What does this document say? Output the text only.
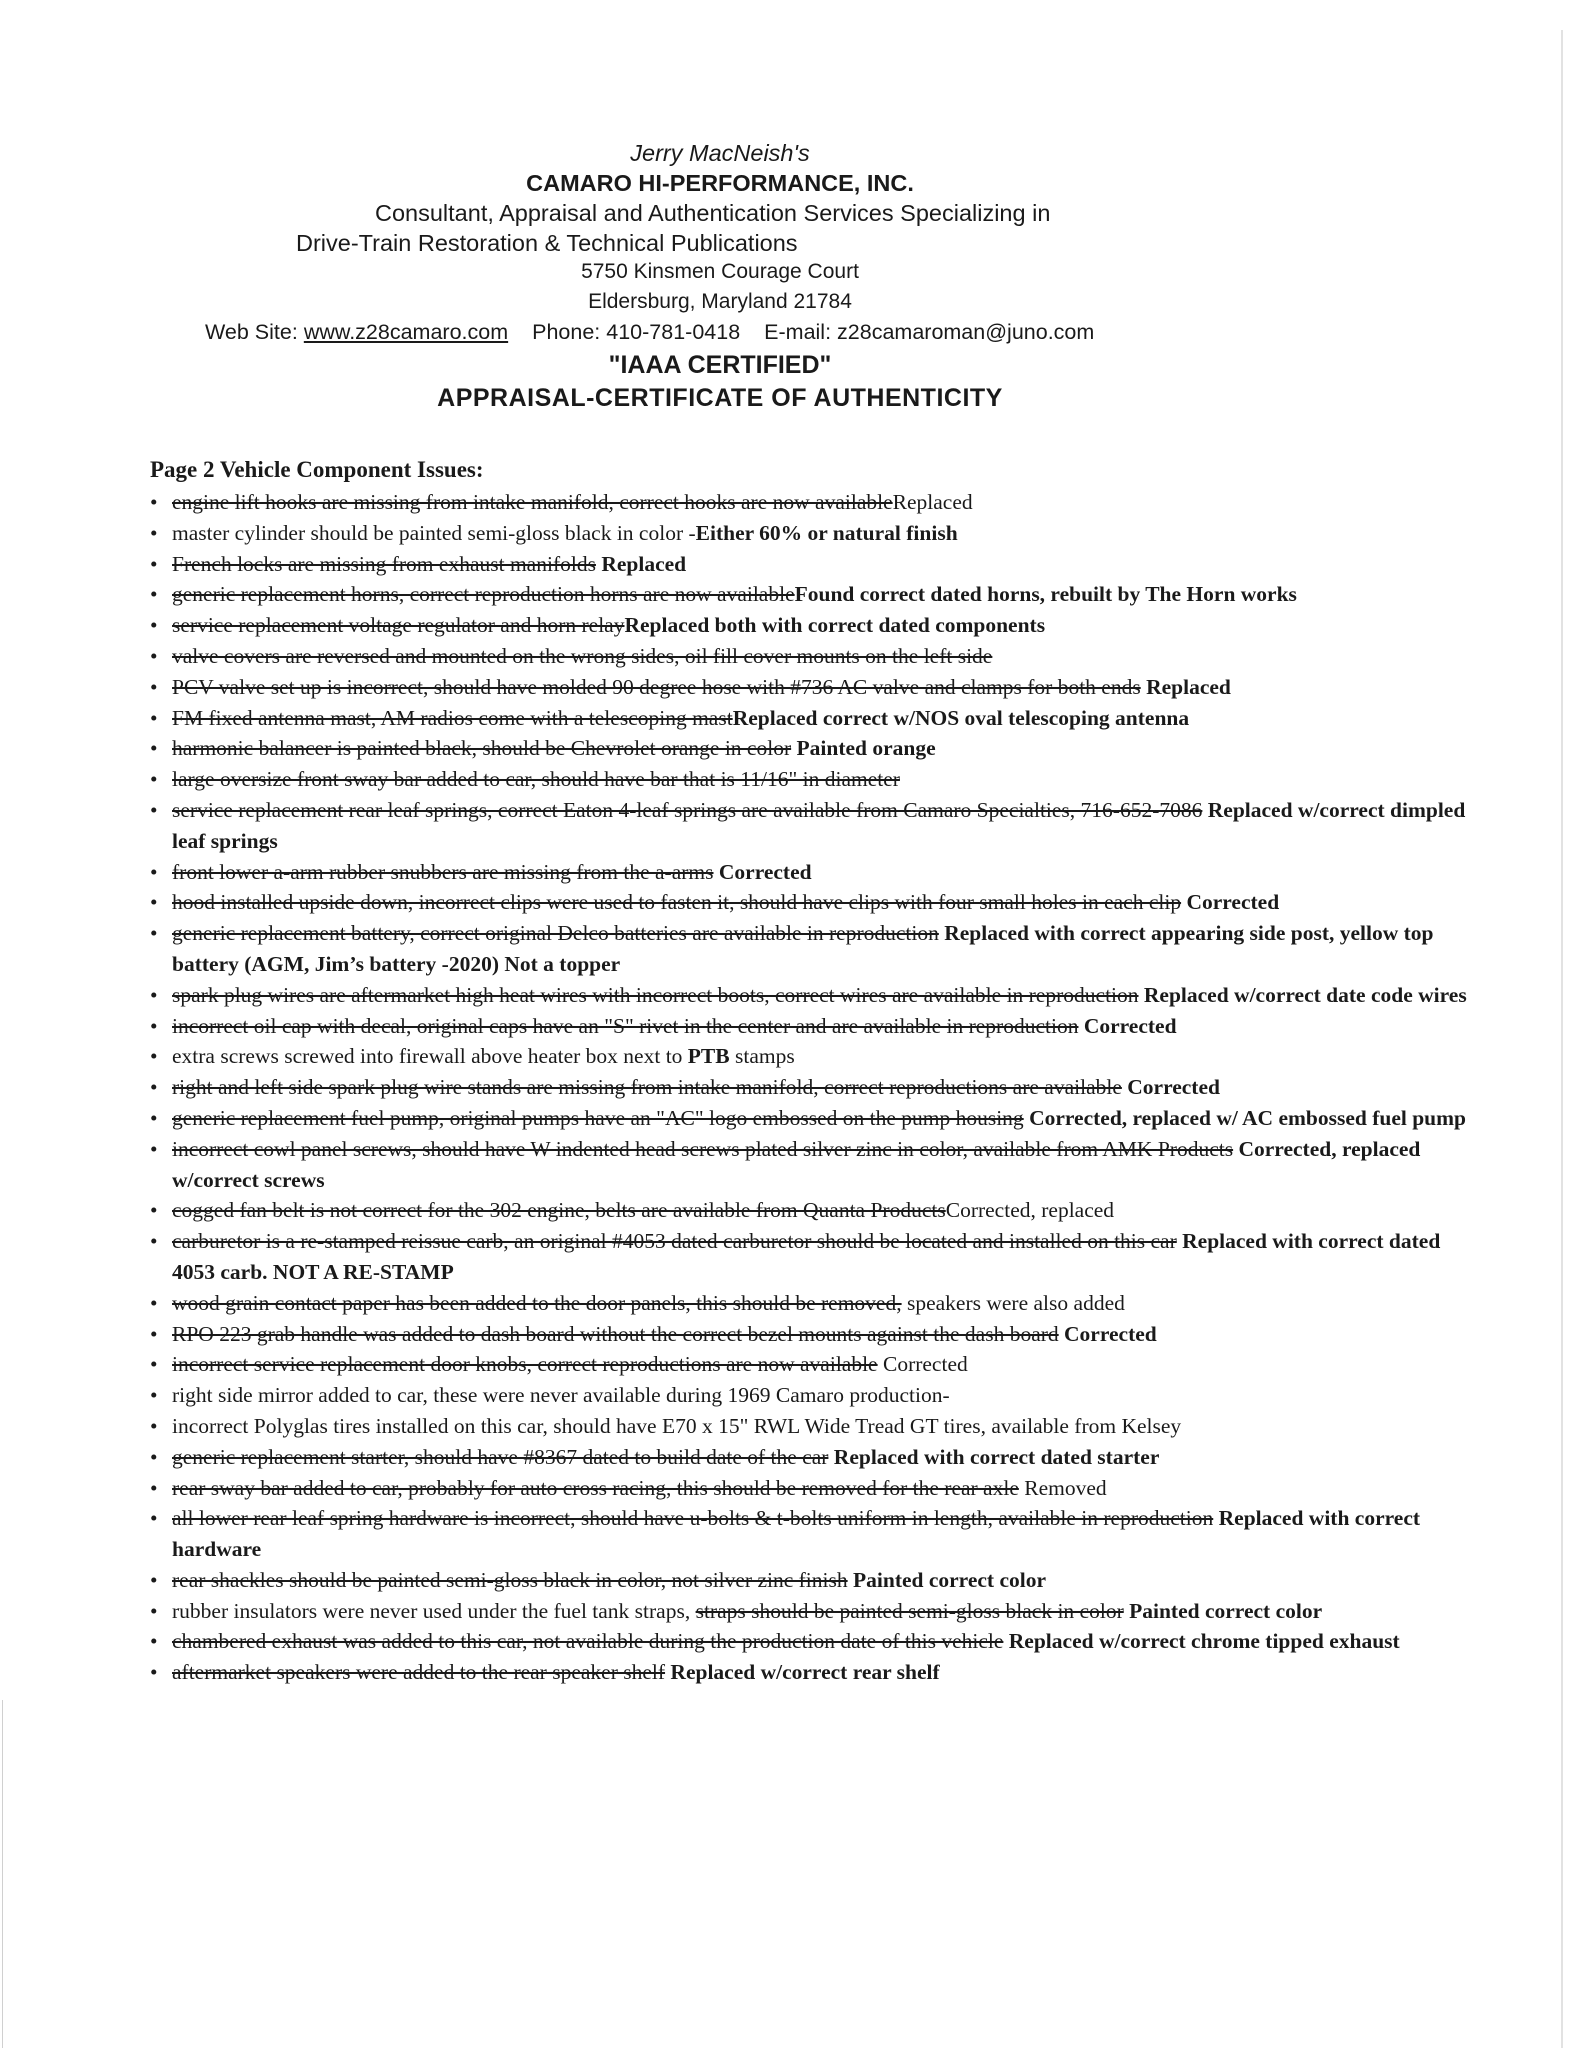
Jerry MacNeish's
CAMARO HI-PERFORMANCE, INC.
Consultant, Appraisal and Authentication Services Specializing in
Drive-Train Restoration & Technical Publications
5750 Kinsmen Courage Court
Eldersburg, Maryland 21784
Web Site: www.z28camaro.com Phone: 410-781-0418 E-mail: z28camaroman@juno.com
"IAAA CERTIFIED"
APPRAISAL-CERTIFICATE OF AUTHENTICITY
Page 2 Vehicle Component Issues:
• engine lift hooks are missing from intake manifold, correct hooks are now availableReplaced
• master cylinder should be painted semi-gloss black in color -Either 60% or natural finish
• French locks are missing from exhaust manifolds Replaced
• generic replacement horns, correct reproduction horns are now availableFound correct dated horns, rebuilt by The Horn works
• service replacement voltage regulator and horn relayReplaced both with correct dated components
• valve covers are reversed and mounted on the wrong sides, oil fill cover mounts on the left side
• PCV valve set up is incorrect, should have molded 90 degree hose with #736 AC valve and clamps for both ends Replaced
• FM fixed antenna mast, AM radios come with a telescoping mastReplaced correct w/NOS oval telescoping antenna
• harmonic balancer is painted black, should be Chevrolet orange in color Painted orange
• large oversize front sway bar added to car, should have bar that is 11/16" in diameter
• service replacement rear leaf springs, correct Eaton 4-leaf springs are available from Camaro Specialties, 716-652-7086 Replaced w/correct dimpled leaf springs
• front lower a-arm rubber snubbers are missing from the a-arms Corrected
• hood installed upside down, incorrect clips were used to fasten it, should have clips with four small holes in each clip Corrected
• generic replacement battery, correct original Delco batteries are available in reproduction Replaced with correct appearing side post, yellow top battery (AGM, Jim’s battery -2020) Not a topper
• spark plug wires are aftermarket high heat wires with incorrect boots, correct wires are available in reproduction Replaced w/correct date code wires
• incorrect oil cap with decal, original caps have an "S" rivet in the center and are available in reproduction Corrected
• extra screws screwed into firewall above heater box next to PTB stamps
• right and left side spark plug wire stands are missing from intake manifold, correct reproductions are available Corrected
• generic replacement fuel pump, original pumps have an "AC" logo embossed on the pump housing Corrected, replaced w/ AC embossed fuel pump
• incorrect cowl panel screws, should have W indented head screws plated silver zinc in color, available from AMK Products Corrected, replaced w/correct screws
• cogged fan belt is not correct for the 302 engine, belts are available from Quanta ProductsCorrected, replaced
• carburetor is a re-stamped reissue carb, an original #4053 dated carburetor should be located and installed on this car Replaced with correct dated 4053 carb. NOT A RE-STAMP
• wood grain contact paper has been added to the door panels, this should be removed, speakers were also added
• RPO 223 grab handle was added to dash board without the correct bezel mounts against the dash board Corrected
• incorrect service replacement door knobs, correct reproductions are now available Corrected
• right side mirror added to car, these were never available during 1969 Camaro production-
• incorrect Polyglas tires installed on this car, should have E70 x 15" RWL Wide Tread GT tires, available from Kelsey
• generic replacement starter, should have #8367 dated to build date of the car Replaced with correct dated starter
• rear sway bar added to car, probably for auto cross racing, this should be removed for the rear axle Removed
• all lower rear leaf spring hardware is incorrect, should have u-bolts & t-bolts uniform in length, available in reproduction Replaced with correct hardware
• rear shackles should be painted semi-gloss black in color, not silver zinc finish Painted correct color
• rubber insulators were never used under the fuel tank straps, straps should be painted semi-gloss black in color Painted correct color
• chambered exhaust was added to this car, not available during the production date of this vehicle Replaced w/correct chrome tipped exhaust
• aftermarket speakers were added to the rear speaker shelf Replaced w/correct rear shelf
